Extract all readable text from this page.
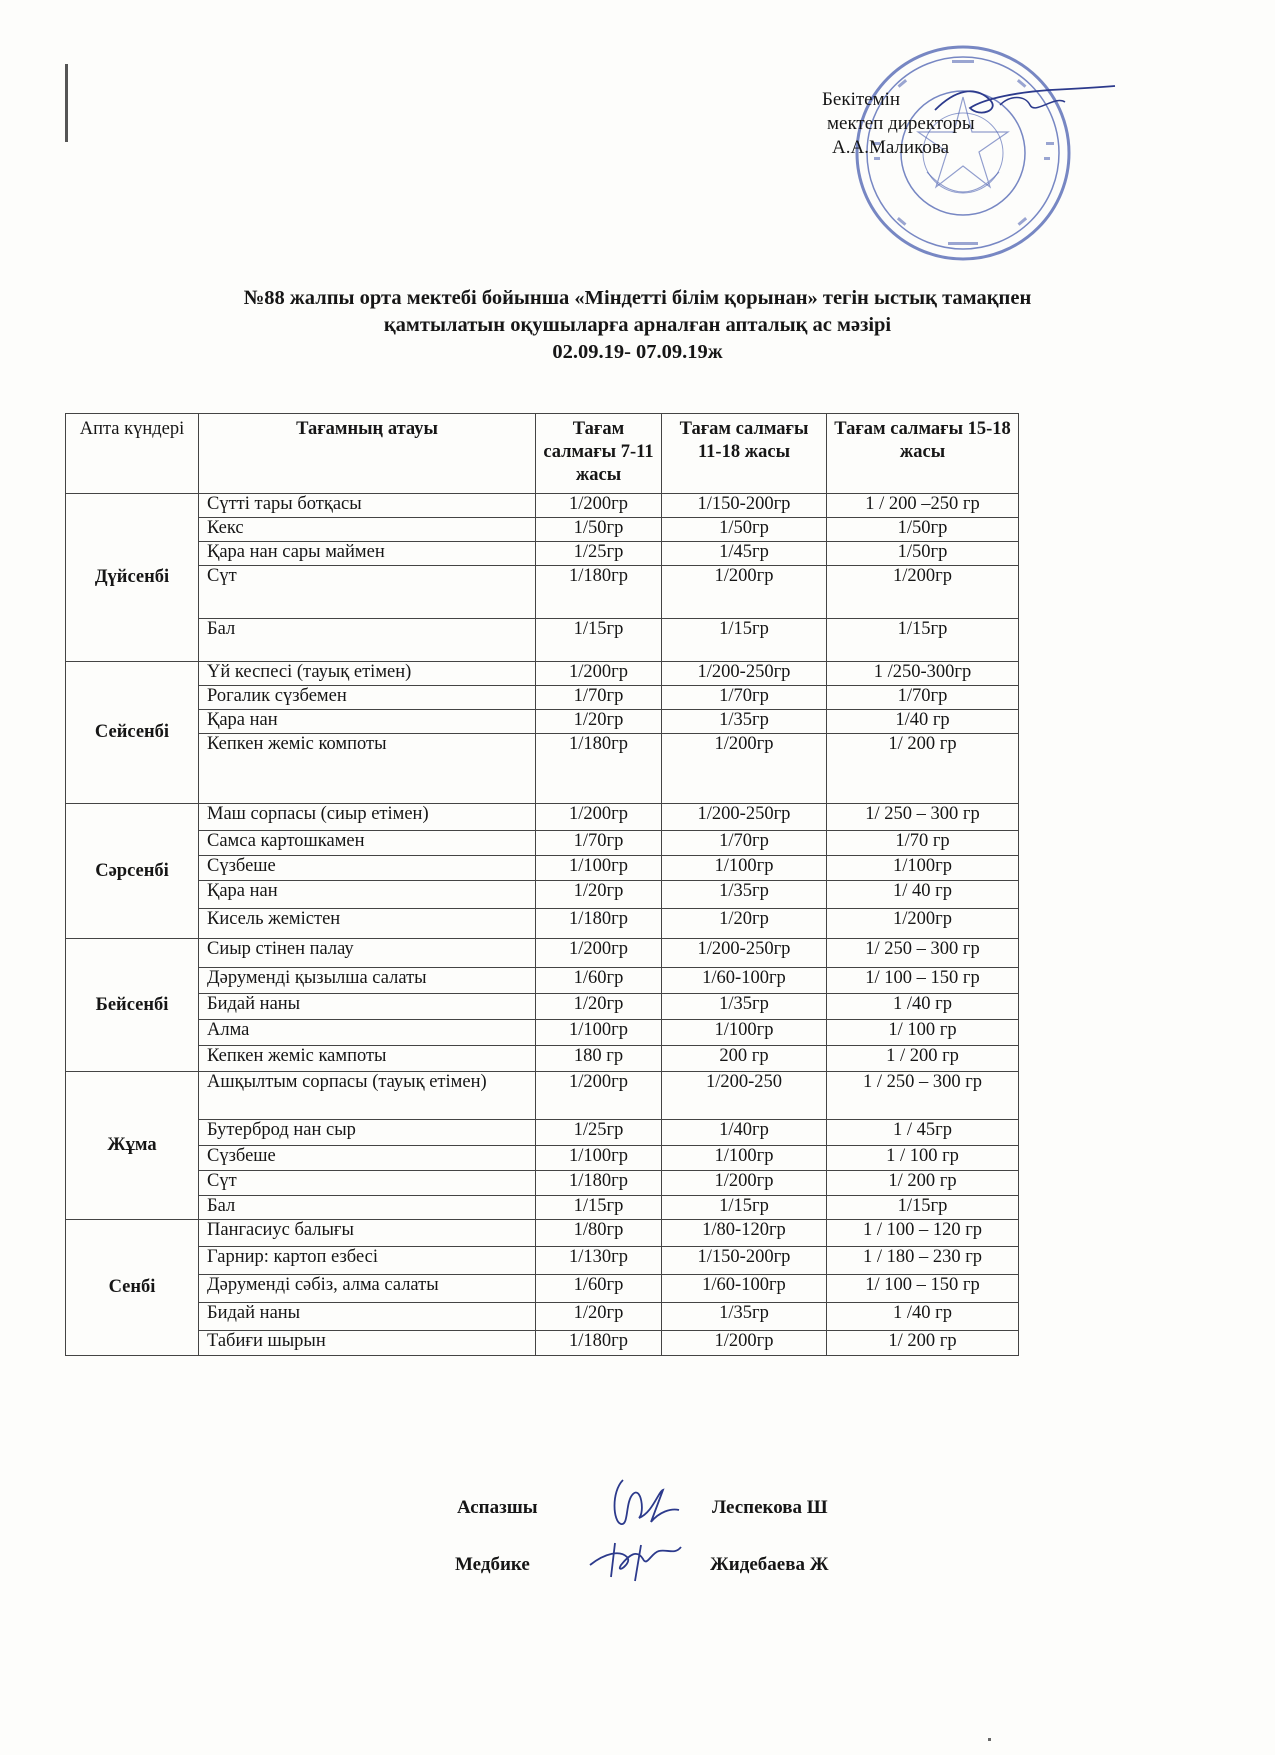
Бекітемін
мектеп директоры
А.А.Маликова
№88 жалпы орта мектебі бойынша «Міндетті білім қорынан» тегін ыстық тамақпен
қамтылатын оқушыларға арналған апталық ас мәзірі
02.09.19- 07.09.19ж
Апта күндері	Тағамның атауы	Тағам салмағы 7-11 жасы	Тағам салмағы 11-18 жасы	Тағам салмағы 15-18 жасы	
Дүйсенбі	Сүтті тары ботқасы	1/200гр	1/150-200гр	1 / 200 –250 гр	
	Кекс	1/50гр	1/50гр	1/50гр	
	Қара нан сары маймен	1/25гр	1/45гр	1/50гр	
	Сүт	1/180гр	1/200гр	1/200гр	
	Бал	1/15гр	1/15гр	1/15гр	
Сейсенбі	Үй кеспесі (тауық етімен)	1/200гр	1/200-250гр	1 /250-300гр	
	Рогалик сүзбемен	1/70гр	1/70гр	1/70гр	
	Қара нан	1/20гр	1/35гр	1/40 гр	
	Кепкен жеміс компоты	1/180гр	1/200гр	1/ 200 гр	
Сәрсенбі	Маш сорпасы (сиыр етімен)	1/200гр	1/200-250гр	1/ 250 – 300 гр	
	Самса картошкамен	1/70гр	1/70гр	1/70 гр	
	Сүзбеше	1/100гр	1/100гр	1/100гр	
	Қара нан	1/20гр	1/35гр	1/ 40 гр	
	Кисель жемістен	1/180гр	1/20гр	1/200гр	
Бейсенбі	Сиыр стінен палау	1/200гр	1/200-250гр	1/ 250 – 300 гр	
	Дәруменді қызылша салаты	1/60гр	1/60-100гр	1/ 100 – 150 гр	
	Бидай наны	1/20гр	1/35гр	1 /40 гр	
	Алма	1/100гр	1/100гр	1/ 100 гр	
	Кепкен жеміс кампоты	180 гр	200 гр	1 / 200 гр	
Жұма	Ашқылтым сорпасы (тауық етімен)	1/200гр	1/200-250	1 / 250 – 300 гр	
	Бутерброд нан сыр	1/25гр	1/40гр	1 / 45гр	
	Сүзбеше	1/100гр	1/100гр	1 / 100 гр	
	Сүт	1/180гр	1/200гр	1/ 200 гр	
	Бал	1/15гр	1/15гр	1/15гр	
Сенбі	Пангасиус балығы	1/80гр	1/80-120гр	1 / 100 – 120 гр	
	Гарнир: картоп езбесі	1/130гр	1/150-200гр	1 / 180 – 230 гр	
	Дәруменді сәбіз, алма салаты	1/60гр	1/60-100гр	1/ 100 – 150 гр	
	Бидай наны	1/20гр	1/35гр	1 /40 гр	
	Табиғи шырын	1/180гр	1/200гр	1/ 200 гр	
Аспазшы	Леспекова Ш
Медбике	Жидебаева Ж
